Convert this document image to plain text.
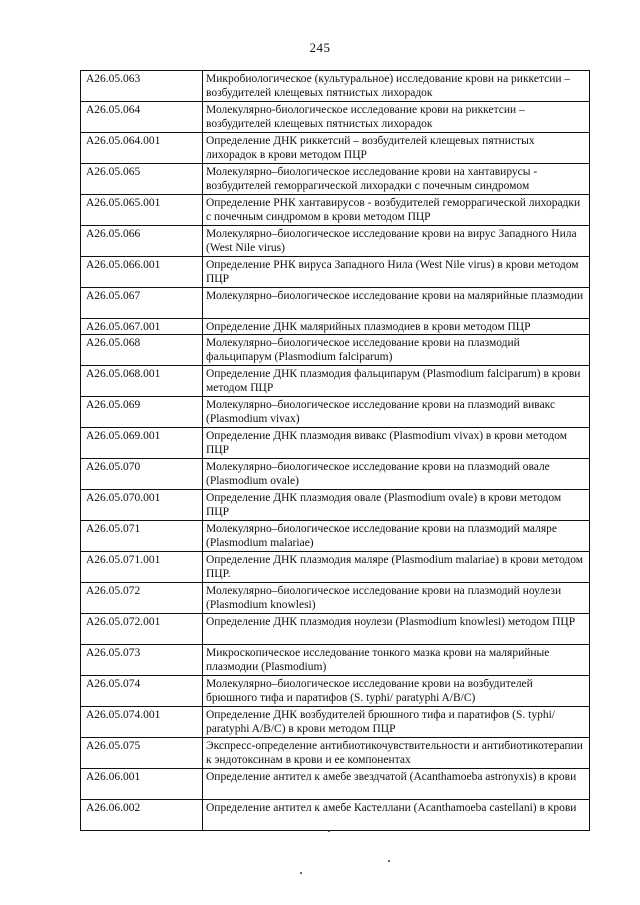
245
A26.05.063	Микробиологическое (культуральное) исследование крови на риккетсии – возбудителей клещевых пятнистых лихорадок
A26.05.064	Молекулярно-биологическое исследование крови на риккетсии – возбудителей клещевых пятнистых лихорадок
A26.05.064.001	Определение ДНК риккетсий – возбудителей клещевых пятнистых лихорадок в крови методом ПЦР
A26.05.065	Молекулярно–биологическое исследование крови на хантавирусы - возбудителей геморрагической лихорадки с почечным синдромом
A26.05.065.001	Определение РНК хантавирусов - возбудителей геморрагической лихорадки с почечным синдромом в крови методом ПЦР
A26.05.066	Молекулярно–биологическое исследование крови на вирус Западного Нила (West Nile virus)
A26.05.066.001	Определение РНК вируса Западного Нила (West Nile virus) в крови методом ПЦР
A26.05.067	Молекулярно–биологическое исследование крови на малярийные плазмодии
A26.05.067.001	Определение ДНК малярийных плазмодиев в крови методом ПЦР
A26.05.068	Молекулярно–биологическое исследование крови на плазмодий фальципарум (Plasmodium falciparum)
A26.05.068.001	Определение ДНК плазмодия фальципарум (Plasmodium falciparum) в крови методом ПЦР
A26.05.069	Молекулярно–биологическое исследование крови на плазмодий вивакс (Plasmodium vivax)
A26.05.069.001	Определение ДНК плазмодия вивакс (Plasmodium vivax) в крови методом ПЦР
A26.05.070	Молекулярно–биологическое исследование крови на плазмодий овале (Plasmodium ovale)
A26.05.070.001	Определение ДНК плазмодия овале (Plasmodium ovale) в крови методом ПЦР
A26.05.071	Молекулярно–биологическое исследование крови на плазмодий маляре (Plasmodium malariae)
A26.05.071.001	Определение ДНК плазмодия маляре (Plasmodium malariae) в крови методом ПЦР.
A26.05.072	Молекулярно–биологическое исследование крови на плазмодий ноулези (Plasmodium knowlesi)
A26.05.072.001	Определение ДНК плазмодия ноулези (Plasmodium knowlesi) методом ПЦР
A26.05.073	Микроскопическое исследование тонкого мазка крови на малярийные плазмодии (Plasmodium)
A26.05.074	Молекулярно–биологическое исследование крови на возбудителей брюшного тифа и паратифов (S. typhi/ paratyphi A/B/C)
A26.05.074.001	Определение ДНК возбудителей брюшного тифа и паратифов (S. typhi/ paratyphi A/B/C) в крови методом ПЦР
A26.05.075	Экспресс-определение антибиотикочувствительности и антибиотикотерапии к эндотоксинам в крови и ее компонентах
A26.06.001	Определение антител к амебе звездчатой (Acanthamoeba astronyxis) в крови
A26.06.002	Определение антител к амебе Кастеллани (Acanthamoeba castellani) в крови
